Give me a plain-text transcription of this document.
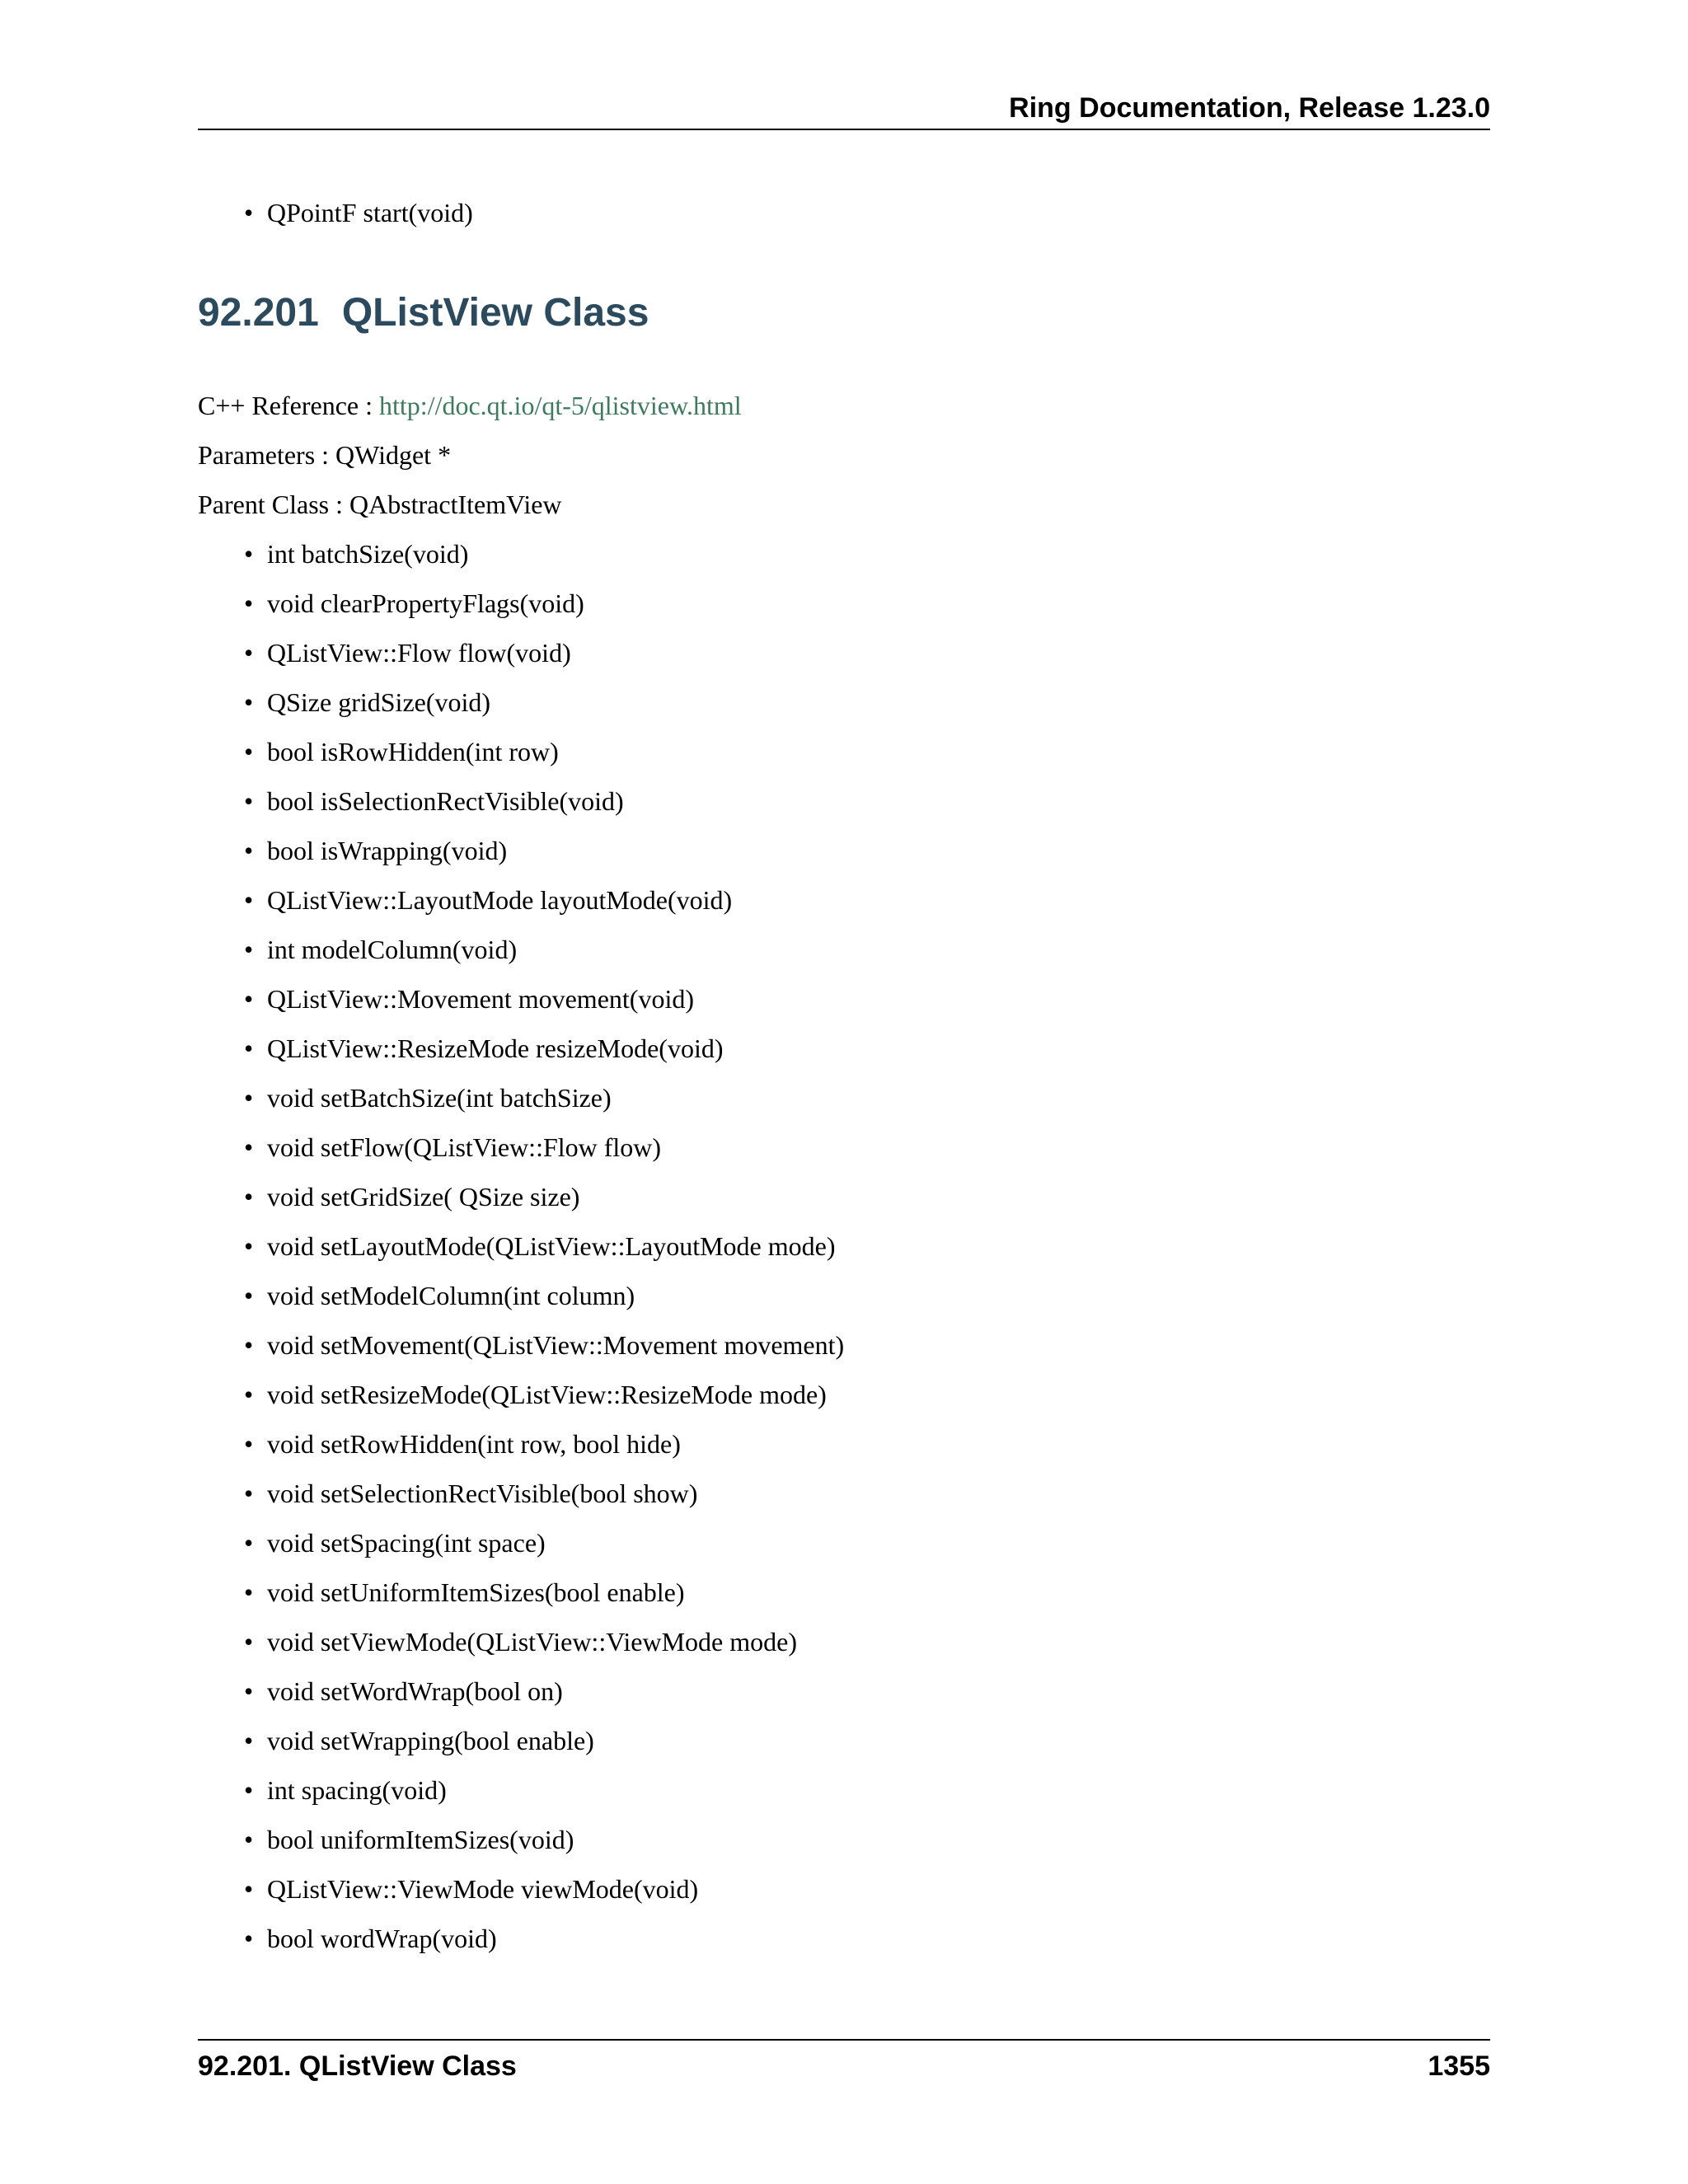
Ring Documentation, Release 1.23.0
• QPointF start(void)
92.201 QListView Class
C++ Reference : http://doc.qt.io/qt-5/qlistview.html
Parameters : QWidget *
Parent Class : QAbstractItemView
• int batchSize(void)
• void clearPropertyFlags(void)
• QListView::Flow flow(void)
• QSize gridSize(void)
• bool isRowHidden(int row)
• bool isSelectionRectVisible(void)
• bool isWrapping(void)
• QListView::LayoutMode layoutMode(void)
• int modelColumn(void)
• QListView::Movement movement(void)
• QListView::ResizeMode resizeMode(void)
• void setBatchSize(int batchSize)
• void setFlow(QListView::Flow flow)
• void setGridSize( QSize size)
• void setLayoutMode(QListView::LayoutMode mode)
• void setModelColumn(int column)
• void setMovement(QListView::Movement movement)
• void setResizeMode(QListView::ResizeMode mode)
• void setRowHidden(int row, bool hide)
• void setSelectionRectVisible(bool show)
• void setSpacing(int space)
• void setUniformItemSizes(bool enable)
• void setViewMode(QListView::ViewMode mode)
• void setWordWrap(bool on)
• void setWrapping(bool enable)
• int spacing(void)
• bool uniformItemSizes(void)
• QListView::ViewMode viewMode(void)
• bool wordWrap(void)
92.201. QListView Class	1355
